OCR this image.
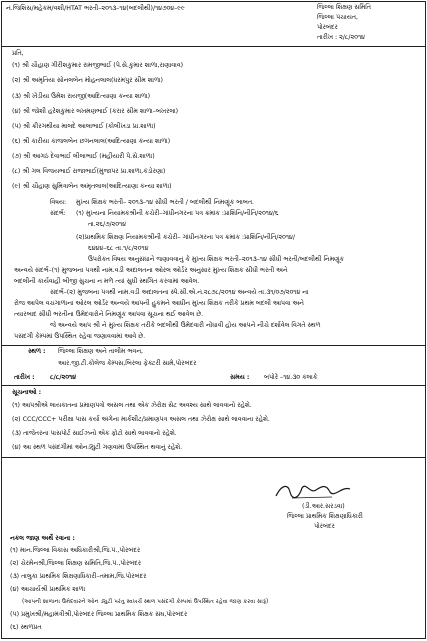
નં.જિશિસ/મહેકમ/વશી/HTAT ભરતી–૨૦૧૩–૧૪(બદલીથી)/૧૪૭૦૪–૯૯	જિલ્લા શિક્ષણ સમિતિ
જિલ્લા પંચાયત,
પોરબંદર
તારીખ : ૨/૮/૨૦૧૪
પ્રતિ,
(૧) શ્રી ચૌહાણ ગીરીશકુમાર રામજીભાઈ (પે.સે.કુમાર શાળા,રાણાવાવ)
(૨) શ્રી અમૃતિયા સોનલબેન મોહનલાલ(ધરમપુર સીમ શાળા)
(૩) શ્રી ખેંડીયા ઉમેશ રાયજી(આદિત્યાણા કન્યા શાળા)
(૪) શ્રી જોશી હરેશકુમાર લખમણભાઈ (કરાર સીમ શાળા–બખરલા)
(૫) શ્રી ક્રીરગથીયા માલદે આલાભાઈ (કોલીખડા પ્રા.શાળા)
(૬) શ્રી કારીયા કાજલબેન છગનલાલ(આદિત્યાણા કન્યા શાળા)
(૭) શ્રી આગઠ દેવાભાઈ લીલાભાઈ (મહીયારી પે.સે.શાળા)
(૮) શ્રી ગલ વિજયભાઈ રાજાભાઈ(મુંજાપર પ્રા.શાળા,કંડોરણા)
(૯) શ્રી ચૌહાણ સુમિત્રાબેન અમૃતલાલ(આદિત્યાણા કન્યા શાળા)
વિષય: મુખ્ય શિક્ષક ભરતી– ૨૦૧૩–૧૪ સીધી ભરતી / બદલીથી નિમણૂંક બાબત.
સંદર્ભ: (૧) મુખ્યના નિયામકશ્રીની કચેરી–ગાંધીનગરના પત્ર ક્રમાંક :પ્રાશિનિ/નીતિ/૨૦૧૪/૬
તા.૨૬/૭/૨૦૧૪
(૨)પ્રાથમિક શિક્ષણ નિયામકશ્રીની કચેરી– ગાંધીનગરના પત્ર ક્રમાંક :પ્રાશિનિ/નીતિ/૨૦૧૪/
૬૪૪૪–૬૮ તા.૧/૮/૨૦૧૪
ઉપરોક્ત વિષય અનુસંધાને જણાવવાનું કે મુખ્ય શિક્ષક ભરતી–૨૦૧૩–૧૪ સીધી ભરતી/બદલીથી નિમણૂંક
અન્વયે સંદર્ભ–(૧) મુજબના પત્રથી નામ.વડી અદાલતના ઓરલ ઓર્ડર અનુસાર મુખ્ય શિક્ષક સીધી ભરતી અને
બદલીની કાર્યવાહી બીજી સુચના ન મળે ત્યાં સુધી સ્થગિત કરવામાં આવેલ.
સંદર્ભ–(૨) મુજબના પત્રથી નામ.વડી અદાલતના સ્પે.સી.એ.નં.૨૮૭૮/૨૦૧૪ અન્વયે તા.૩૧/૦૭/૨૦૧૪ ના
રોજ આપેલ વચગાળાના ઓરલ ઓર્ડર અન્વયે આપની હુકમને આધીન મુખ્ય શિક્ષક તરીકે પ્રથમ બદલી આપવા અને
ત્યારબાદ સીધી ભરતીના ઉમેદવારોને નિમણૂંક આપવા સૂચના થઈ આવેલ છે.
જે અન્વયે આપ શ્રી ને મુખ્ય શિક્ષક તરીકે બદલીથી ઉમેદવારી નોંધાવી હોય આપને નીચે દર્શાવેલ વિગતે સ્થળ
પસંદગી કેમ્પમાં ઉપસ્થિત રહેવા જણાવવામાં આવે છે.
સ્થળ : જિલ્લા શિક્ષણ અને તાલીમ ભવન,
આર.જી.ટી.કોલેજ કેમ્પસ,બિરલા ફેક્ટરી સામે,પોરબંદર
તારીખ : ૮/૮/૨૦૧૪	સમય : બપોરે –૧૪.૩૦ કલાકે
સૂચનાઓ :
(૧) આપશ્રીએ લાયકાતના પ્રમાણપત્રો અસલ તથા એક ઝેરોક્ષ સેટ અવશ્ય સાથે લાવવાનો રહેશે.
(૨) CCC/CCC+ પરીક્ષા પાસ કર્યા અંગેના માર્કશીટ/પ્રમાણપત્ર અસલ તથા ઝેરોક્ષ સાથે લાવવાના રહેશે.
(૩) તાજેતરના પાસપોર્ટ સાઈઝનો એક ફોટો સાથે લાવવાનો રહેશે.
(૪) આ સ્થળ પસંદગીમાં ઓનડ્યુટી ગણવામાં ઉપસ્થિત થવાનું રહેશે.
(ડી.આર.સરડવા)
જિલ્લા પ્રાથમિક શિક્ષણાધિકારી
પોરબંદર
નકલ જાણ અર્થે રવાના :
(૧) માન.જિલ્લા વિકાસ અધિકારીશ્રી,જિ.પં.,પોરબંદર
(૨) ચેરમેનશ્રી,જિલ્લા શિક્ષણ સમિતિ,જિ.પં.,પોરબંદર
(૩) તાલુકા પ્રાથમિક શિક્ષણાધિકારી–તમામ,જિ.પોરબંદર
(૪) આચાર્યશ્રી પ્રાથમિક શાળા
(આપની શાળાના ઉમેદવારને ઓન ડ્યુટી પરંતુ સ્વખર્ચે સ્થળ પસંદગી કેમ્પમાં ઉપસ્થિત રહેવા જાણ કરવા સારૂં)
(૫) પ્રમુખશ્રી/મહામંત્રીશ્રી,પોરબંદર જિલ્લા પ્રાથમિક શિક્ષક સંઘ,પોરબંદર
(૬) સ્થળપ્રત
